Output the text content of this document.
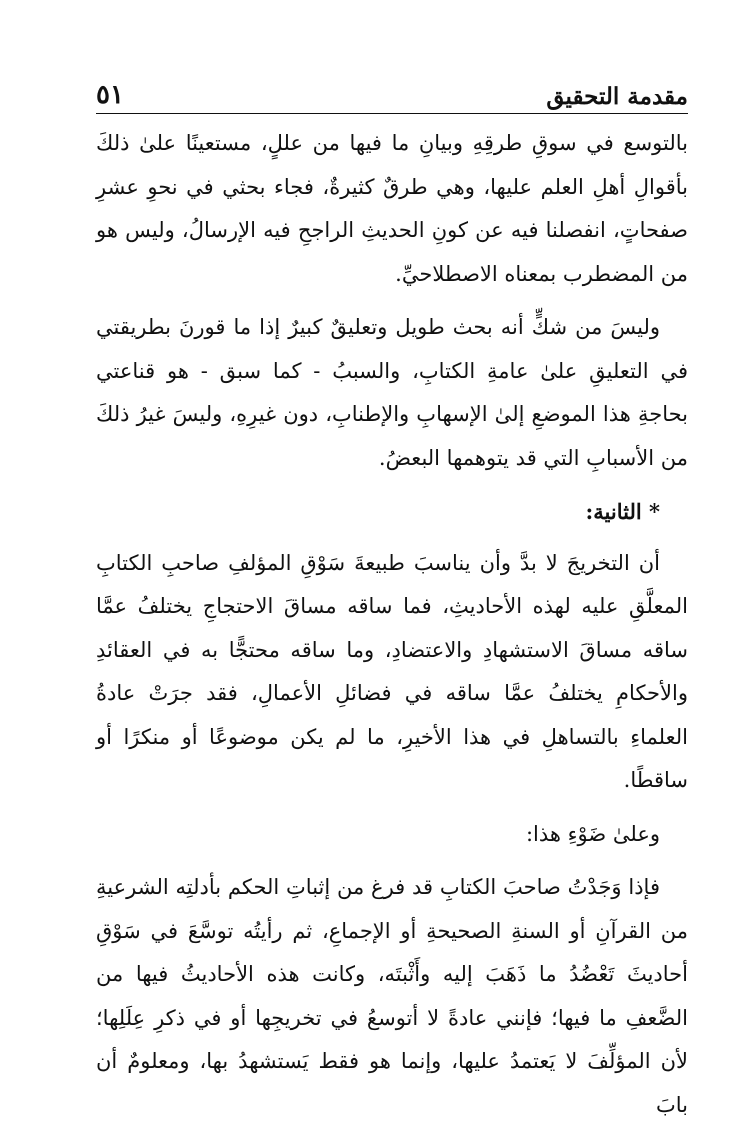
مقدمة التحقيق
٥١

بالتوسع في سوقِ طرقِهِ وبيانِ ما فيها من عللٍ، مستعينًا علىٰ ذلكَ بأقوالِ أهلِ العلم عليها، وهي طرقٌ كثيرةٌ، فجاء بحثي في نحوِ عشرِ صفحاتٍ، انفصلنا فيه عن كونِ الحديثِ الراجحِ فيه الإرسالُ، وليس هو من المضطرب بمعناه الاصطلاحيِّ.

وليسَ من شكٍّ أنه بحث طويل وتعليقٌ كبيرٌ إذا ما قورنَ بطريقتي في التعليقِ علىٰ عامةِ الكتابِ، والسببُ - كما سبق - هو قناعتي بحاجةِ هذا الموضعِ إلىٰ الإسهابِ والإطنابِ، دون غيرِهِ، وليسَ غيرُ ذلكَ من الأسبابِ التي قد يتوهمها البعضُ.

* الثانية:

أن التخريجَ لا بدَّ وأن يناسبَ طبيعةَ سَوْقِ المؤلفِ صاحبِ الكتابِ المعلَّقِ عليه لهذه الأحاديثِ، فما ساقه مساقَ الاحتجاجِ يختلفُ عمَّا ساقه مساقَ الاستشهادِ والاعتضادِ، وما ساقه محتجًّا به في العقائدِ والأحكامِ يختلفُ عمَّا ساقه في فضائلِ الأعمالِ، فقد جرَتْ عادةُ العلماءِ بالتساهلِ في هذا الأخيرِ، ما لم يكن موضوعًا أو منكرًا أو ساقطًا.

وعلىٰ ضَوْءِ هذا:

فإذا وَجَدْتُ صاحبَ الكتابِ قد فرغ من إثباتِ الحكم بأدلتِه الشرعيةِ من القرآنِ أو السنةِ الصحيحةِ أو الإجماعِ، ثم رأيتُه توسَّعَ في سَوْقِ أحاديثَ تَعْضُدُ ما ذَهَبَ إليه وأَثْبتَه، وكانت هذه الأحاديثُ فيها من الضَّعفِ ما فيها؛ فإنني عادةً لا أتوسعُ في تخريجِها أو في ذكرِ عِلَلِها؛ لأن المؤلِّفَ لا يَعتمدُ عليها، وإنما هو فقط يَستشهدُ بها، ومعلومٌ أن بابَ
